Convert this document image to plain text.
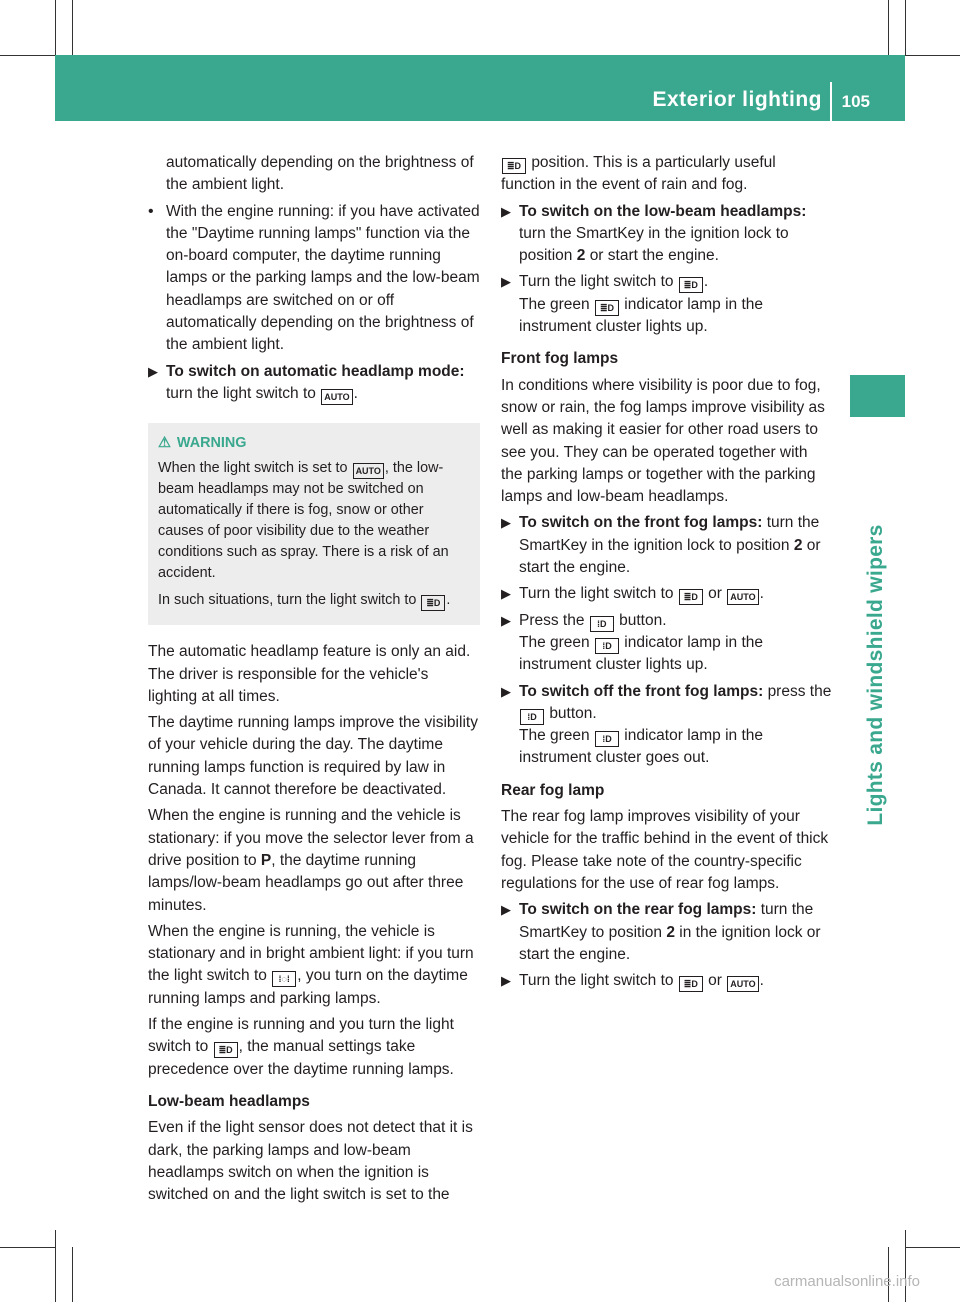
Exterior lighting 105
Lights and windshield wipers

automatically depending on the brightness of the ambient light.

• With the engine running: if you have activated the "Daytime running lamps" function via the on-board computer, the daytime running lamps or the parking lamps and the low-beam headlamps are switched on or off automatically depending on the brightness of the ambient light.
▶ To switch on automatic headlamp mode: turn the light switch to AUTO .
⚠ WARNING

When the light switch is set to AUTO , the low-beam headlamps may not be switched on automatically if there is fog, snow or other causes of poor visibility due to the weather conditions such as spray. There is a risk of an accident.

In such situations, turn the light switch to ≣D .

The automatic headlamp feature is only an aid. The driver is responsible for the vehicle's lighting at all times.

The daytime running lamps improve the visibility of your vehicle during the day. The daytime running lamps function is required by law in Canada. It cannot therefore be deactivated.

When the engine is running and the vehicle is stationary: if you move the selector lever from a drive position to P, the daytime running lamps/low-beam headlamps go out after three minutes.

When the engine is running, the vehicle is stationary and in bright ambient light: if you turn the light switch to ⁞◌⁞ , you turn on the daytime running lamps and parking lamps.

If the engine is running and you turn the light switch to ≣D , the manual settings take precedence over the daytime running lamps.

Low-beam headlamps

Even if the light sensor does not detect that it is dark, the parking lamps and low-beam headlamps switch on when the ignition is switched on and the light switch is set to the

≣D position. This is a particularly useful function in the event of rain and fog.

▶ To switch on the low-beam headlamps: turn the SmartKey in the ignition lock to position 2 or start the engine.
▶ Turn the light switch to ≣D .
The green ≣D indicator lamp in the instrument cluster lights up.
Front fog lamps

In conditions where visibility is poor due to fog, snow or rain, the fog lamps improve visibility as well as making it easier for other road users to see you. They can be operated together with the parking lamps or together with the parking lamps and low-beam headlamps.

▶ To switch on the front fog lamps: turn the SmartKey in the ignition lock to position 2 or start the engine.
▶ Turn the light switch to ≣D or AUTO .
▶ Press the ⁞D button.
The green ⁞D indicator lamp in the instrument cluster lights up.
▶ To switch off the front fog lamps: press the ⁞D button.
The green ⁞D indicator lamp in the instrument cluster goes out.
Rear fog lamp

The rear fog lamp improves visibility of your vehicle for the traffic behind in the event of thick fog. Please take note of the country-specific regulations for the use of rear fog lamps.

▶ To switch on the rear fog lamps: turn the SmartKey to position 2 in the ignition lock or start the engine.
▶ Turn the light switch to ≣D or AUTO .
carmanualsonline.info
